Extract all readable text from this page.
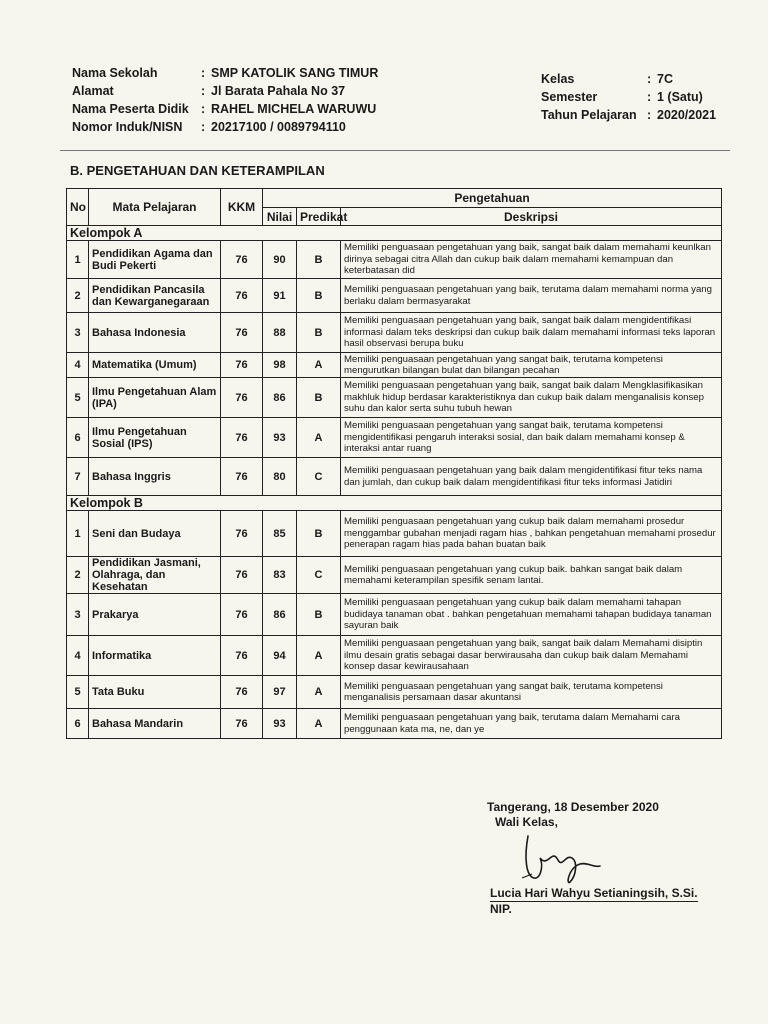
Nama Sekolah	: SMP KATOLIK SANG TIMUR
Alamat	: Jl Barata Pahala No 37
Nama Peserta Didik : RAHEL MICHELA WARUWU
Nomor Induk/NISN	: 20217100 / 0089794110
Kelas	: 7C
Semester	: 1 (Satu)
Tahun Pelajaran : 2020/2021
B. PENGETAHUAN DAN KETERAMPILAN
No	Mata Pelajaran	KKM	Pengetahuan		
			Nilai	Predikat	Deskripsi
Kelompok A					
1	Pendidikan Agama dan Budi Pekerti	76	90	B	Memiliki penguasaan pengetahuan yang baik, sangat baik dalam memahami keunlkan dirinya sebagai citra Allah dan cukup baik dalam memahami kemampuan dan keterbatasan did
2	Pendidikan Pancasila dan Kewarganegaraan	76	91	B	Memiliki penguasaan pengetahuan yang baik, terutama dalam memahami norma yang berlaku dalam bermasyarakat
3	Bahasa Indonesia	76	88	B	Memiliki penguasaan pengetahuan yang baik, sangat baik dalam mengidentifikasi informasi dalam teks deskripsi dan cukup baik dalam memahami informasi teks laporan hasil observasi berupa buku
4	Matematika (Umum)	76	98	A	Memiliki penguasaan pengetahuan yang sangat baik, terutama kompetensi mengurutkan bilangan bulat dan bilangan pecahan
5	Ilmu Pengetahuan Alam (IPA)	76	86	B	Memiliki penguasaan pengetahuan yang baik, sangat baik dalam Mengklasifikasikan makhluk hidup berdasar karakteristiknya dan cukup baik dalam menganalisis konsep suhu dan kalor serta suhu tubuh hewan
6	Ilmu Pengetahuan Sosial (IPS)	76	93	A	Memiliki penguasaan pengetahuan yang sangat baik, terutama kompetensi mengidentifikasi pengaruh interaksi sosial, dan baik dalam memahami konsep & interaksi antar ruang
7	Bahasa Inggris	76	80	C	Memiliki penguasaan pengetahuan yang baik dalam mengidentifikasi fitur teks nama dan jumlah, dan cukup baik dalam mengidentifikasi fitur teks informasi Jatidiri
Kelompok B					
1	Seni dan Budaya	76	85	B	Memiliki penguasaan pengetahuan yang cukup baik dalam memahami prosedur menggambar gubahan menjadi ragam hias , bahkan pengetahuan memahami prosedur penerapan ragam hias pada bahan buatan baik
2	Pendidikan Jasmani, Olahraga, dan Kesehatan	76	83	C	Memiliki penguasaan pengetahuan yang cukup baik. bahkan sangat baik dalam memahami keterampilan spesifik senam lantai.
3	Prakarya	76	86	B	Memiliki penguasaan pengetahuan yang cukup baik dalam memahami tahapan budidaya tanaman obat . bahkan pengetahuan memahami tahapan budidaya tanaman sayuran baik
4	Informatika	76	94	A	Memiliki penguasaan pengetahuan yang baik, sangat baik dalam Memahami disiptin ilmu desain gratis sebagai dasar berwirausaha dan cukup baik dalam Memahami konsep dasar kewirausahaan
5	Tata Buku	76	97	A	Memiliki penguasaan pengetahuan yang sangat baik, terutama kompetensi menganalisis persamaan dasar akuntansi
6	Bahasa Mandarin	76	93	A	Memiliki penguasaan pengetahuan yang baik, terutama dalam Memahami cara penggunaan kata ma, ne, dan ye
Tangerang, 18 Desember 2020
Wali Kelas,
Lucia Hari Wahyu Setianingsih, S.Si.
NIP.
